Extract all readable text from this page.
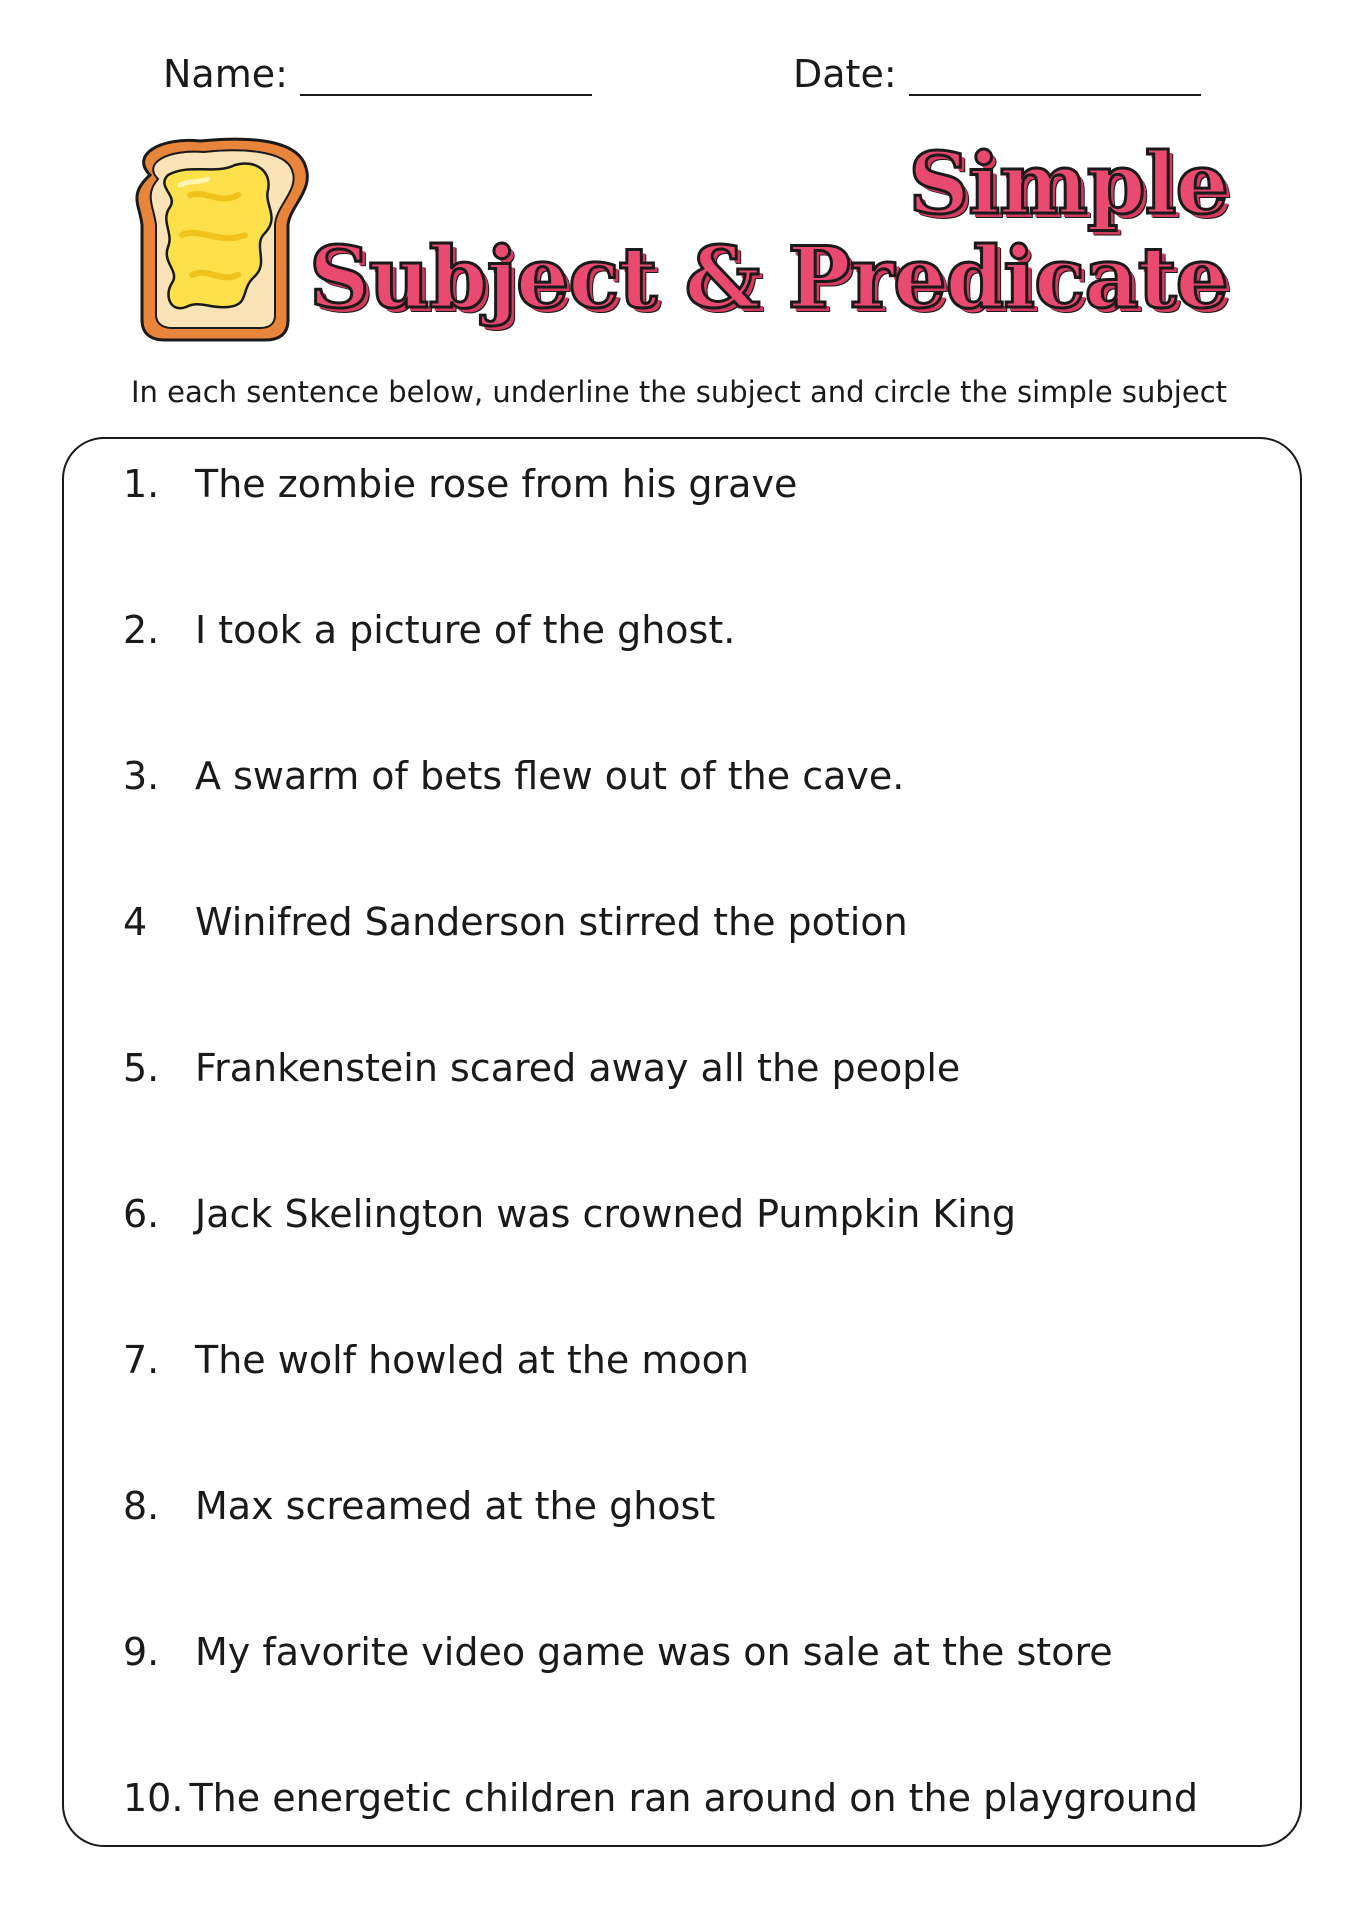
Name:	Date:
Simple
Subject & Predicate
In each sentence below, underline the subject and circle the simple subject
1. The zombie rose from his grave
2. I took a picture of the ghost.
3. A swarm of bets flew out of the cave.
4	Winifred Sanderson stirred the potion
5. Frankenstein scared away all the people
6. Jack Skelington was crowned Pumpkin King
7. The wolf howled at the moon
8. Max screamed at the ghost
9. My favorite video game was on sale at the store
10. The energetic children ran around on the playground
